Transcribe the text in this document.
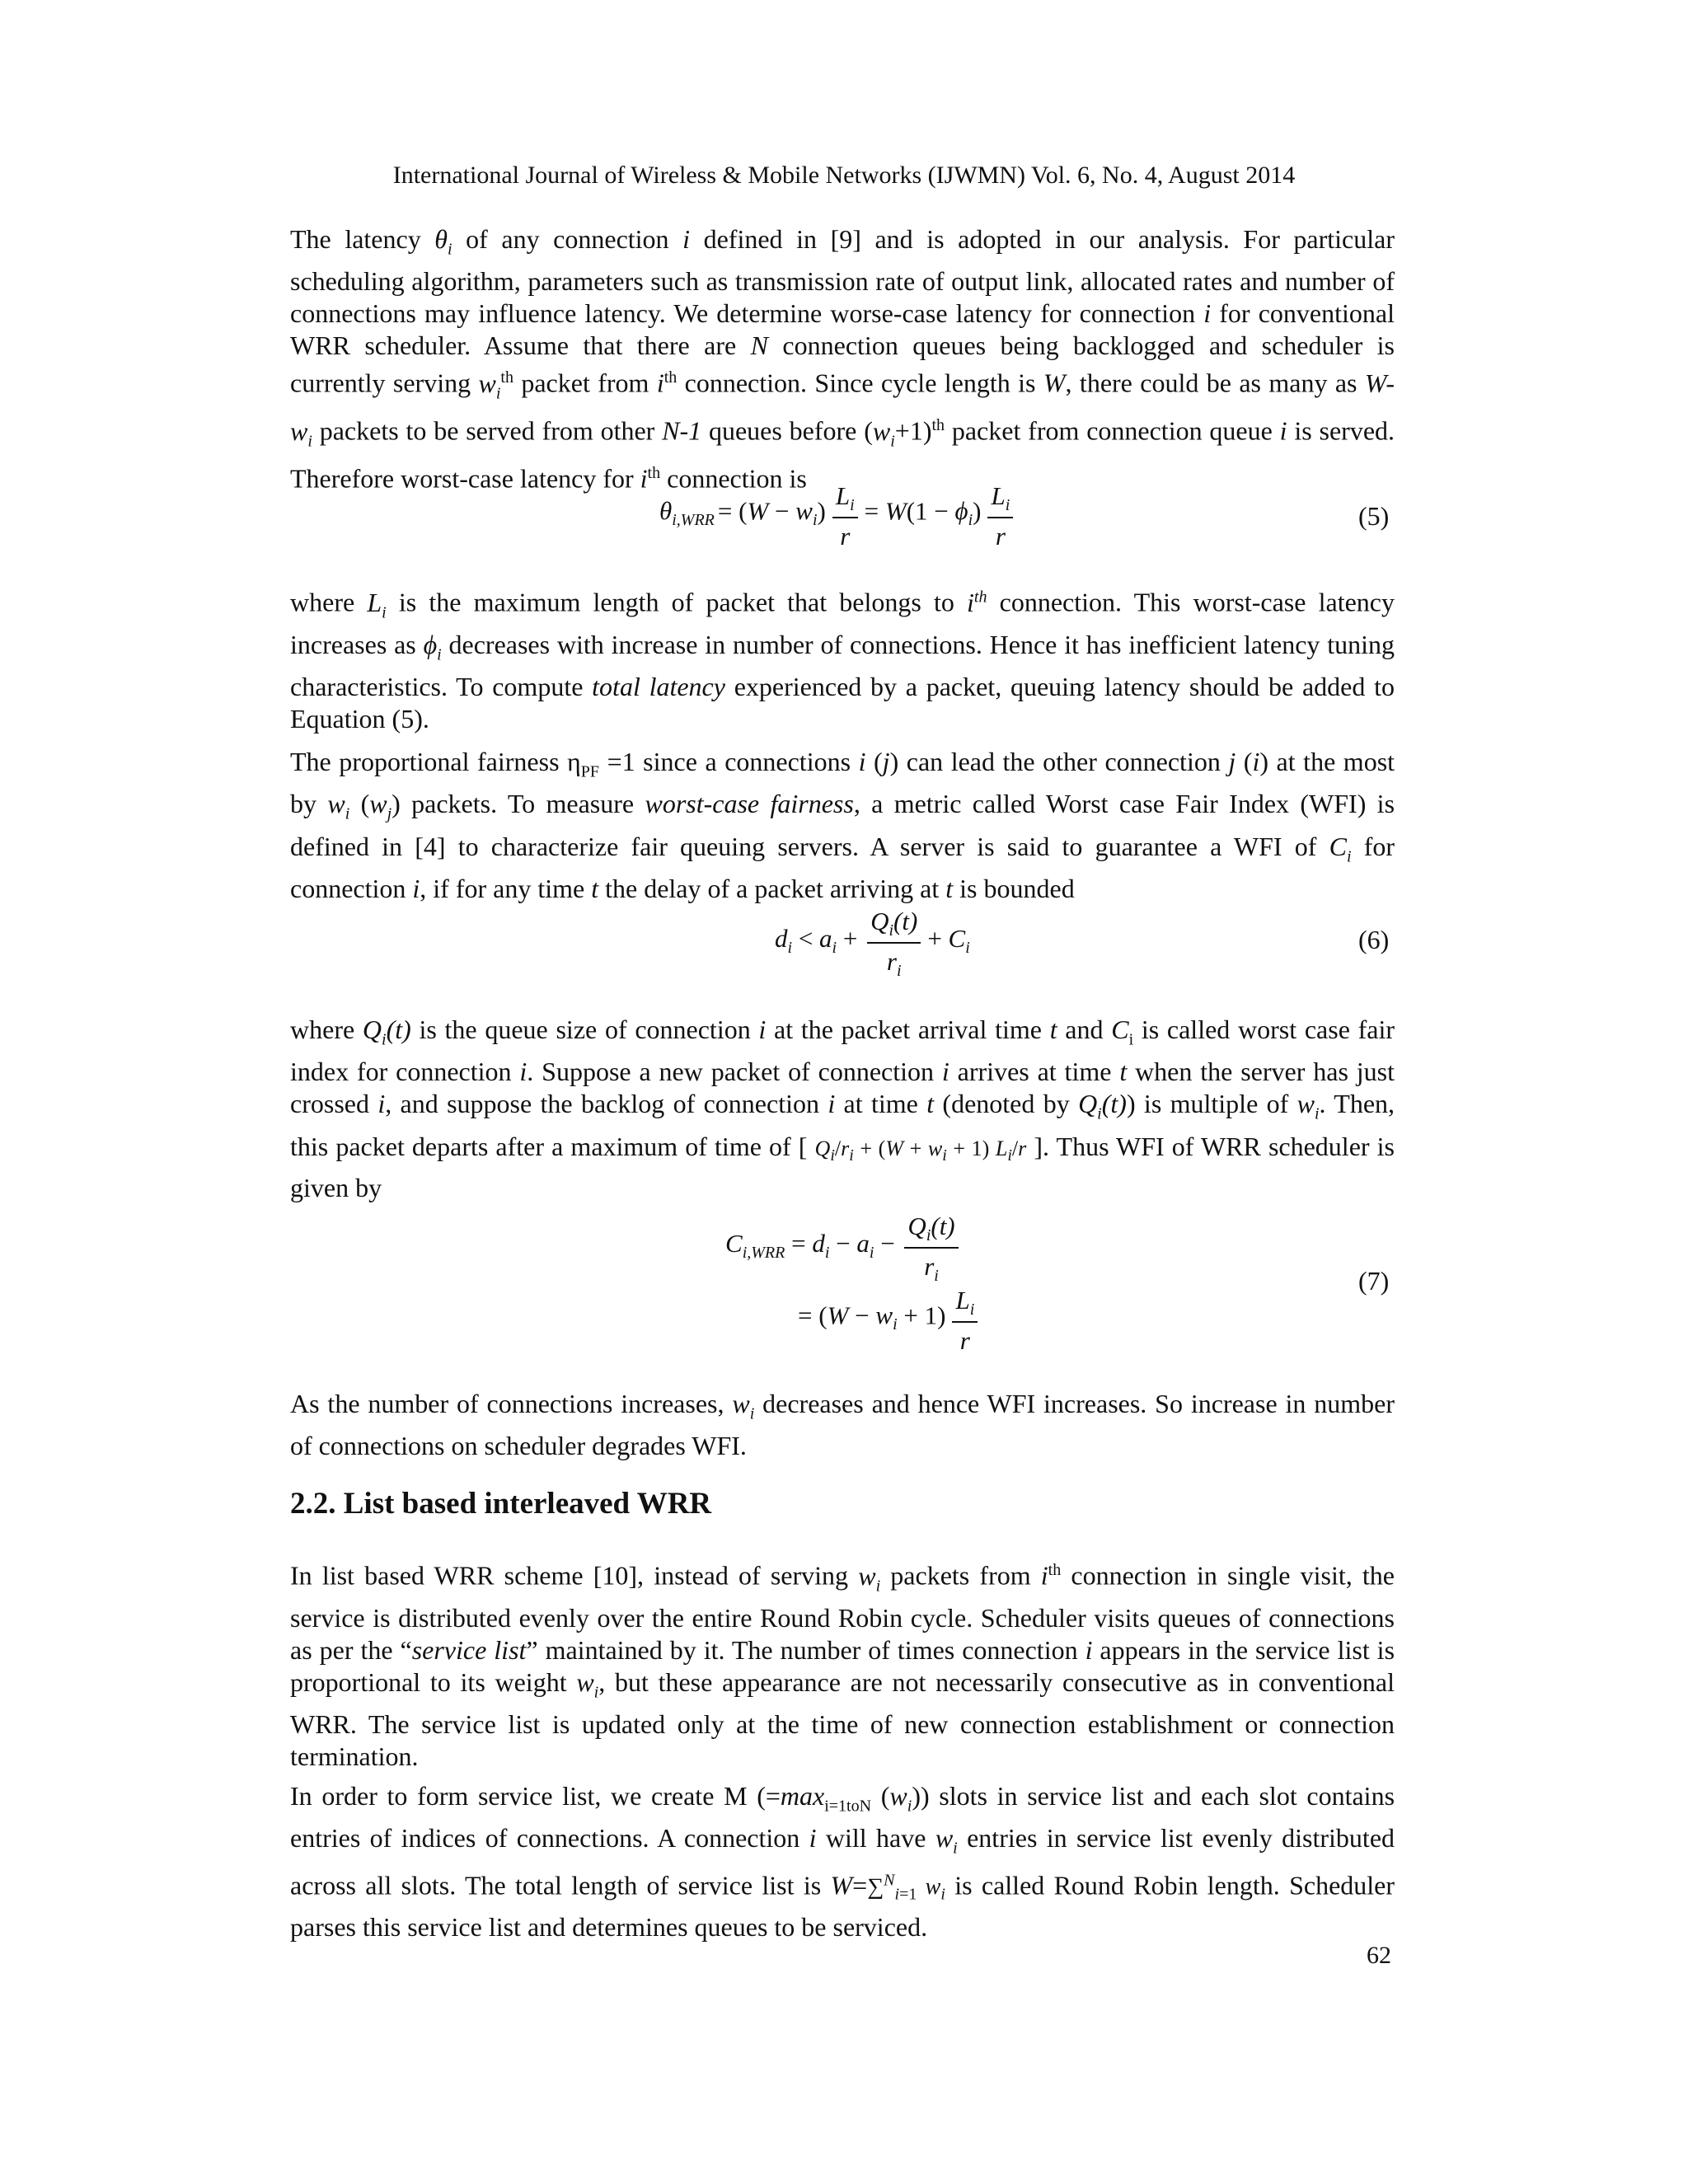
International Journal of Wireless & Mobile Networks (IJWMN) Vol. 6, No. 4, August 2014

The latency $\theta_i$ of any connection i defined in [9] and is adopted in our analysis. For particular scheduling algorithm, parameters such as transmission rate of output link, allocated rates and number of connections may influence latency. We determine worse-case latency for connection i for conventional WRR scheduler. Assume that there are N connection queues being backlogged and scheduler is currently serving $w_i^{th}$ packet from $i^{th}$ connection. Since cycle length is W, there could be as many as $W-w_i$ packets to be served from other N-1 queues before $(w_i+1)^{th}$ packet from connection queue i is served. Therefore worst-case latency for $i^{th}$ connection is

$\theta_{i,WRR} = (W - w_i) \frac{L_i}{r} = W(1 - \phi_i) \frac{L_i}{r}$	(5)

where $L_i$ is the maximum length of packet that belongs to $i^{th}$ connection. This worst-case latency increases as $\phi_i$ decreases with increase in number of connections. Hence it has inefficient latency tuning characteristics. To compute total latency experienced by a packet, queuing latency should be added to Equation (5).

The proportional fairness $\eta_{PF} =1$ since a connections i (j) can lead the other connection j (i) at the most by $w_i$ $(w_j)$ packets. To measure worst-case fairness, a metric called Worst case Fair Index (WFI) is defined in [4] to characterize fair queuing servers. A server is said to guarantee a WFI of $C_i$ for connection i, if for any time t the delay of a packet arriving at t is bounded

$d_i < a_i + \frac{Q_i(t)}{r_i} + C_i$	(6)

where $Q_i(t)$ is the queue size of connection i at the packet arrival time t and $C_i$ is called worst case fair index for connection i. Suppose a new packet of connection i arrives at time t when the server has just crossed i, and suppose the backlog of connection i at time t (denoted by $Q_i(t)$) is multiple of $w_i$. Then, this packet departs after a maximum of time of [ $Q_i/r_i + (W + w_i + 1)$ $L_i/r$ ]. Thus WFI of WRR scheduler is given by

$C_{i,WRR} = d_i - a_i - \frac{Q_i(t)}{r_i}$
= $(W - w_i + 1) \frac{L_i}{r}$
(7)

As the number of connections increases, $w_i$ decreases and hence WFI increases. So increase in number of connections on scheduler degrades WFI.

2.2. List based interleaved WRR

In list based WRR scheme [10], instead of serving $w_i$ packets from $i^{th}$ connection in single visit, the service is distributed evenly over the entire Round Robin cycle. Scheduler visits queues of connections as per the “service list” maintained by it. The number of times connection i appears in the service list is proportional to its weight $w_i$, but these appearance are not necessarily consecutive as in conventional WRR. The service list is updated only at the time of new connection establishment or connection termination.

In order to form service list, we create M ($=\max_{i=1toN}$ $(w_i)$) slots in service list and each slot contains entries of indices of connections. A connection i will have $w_i$ entries in service list evenly distributed across all slots. The total length of service list is W=∑$^N_{i=1}$ $w_i$ is called Round Robin length. Scheduler parses this service list and determines queues to be serviced.

62
